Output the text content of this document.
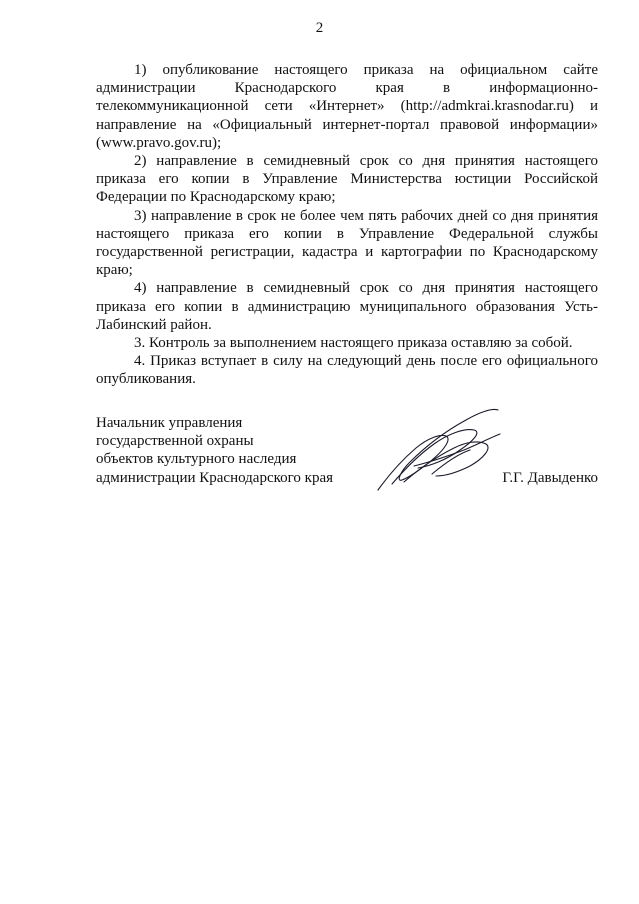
2

1) опубликование настоящего приказа на официальном сайте администрации Краснодарского края в информационно-телекоммуникационной сети «Интернет» (http://admkrai.krasnodar.ru) и направление на «Официальный интернет-портал правовой информации» (www.pravo.gov.ru);

2) направление в семидневный срок со дня принятия настоящего приказа его копии в Управление Министерства юстиции Российской Федерации по Краснодарскому краю;

3) направление в срок не более чем пять рабочих дней со дня принятия настоящего приказа его копии в Управление Федеральной службы государственной регистрации, кадастра и картографии по Краснодарскому краю;

4) направление в семидневный срок со дня принятия настоящего приказа его копии в администрацию муниципального образования Усть-Лабинский район.

3. Контроль за выполнением настоящего приказа оставляю за собой.

4. Приказ вступает в силу на следующий день после его официального опубликования.

Начальник управления
государственной охраны
объектов культурного наследия
администрации Краснодарского края	Г.Г. Давыденко
